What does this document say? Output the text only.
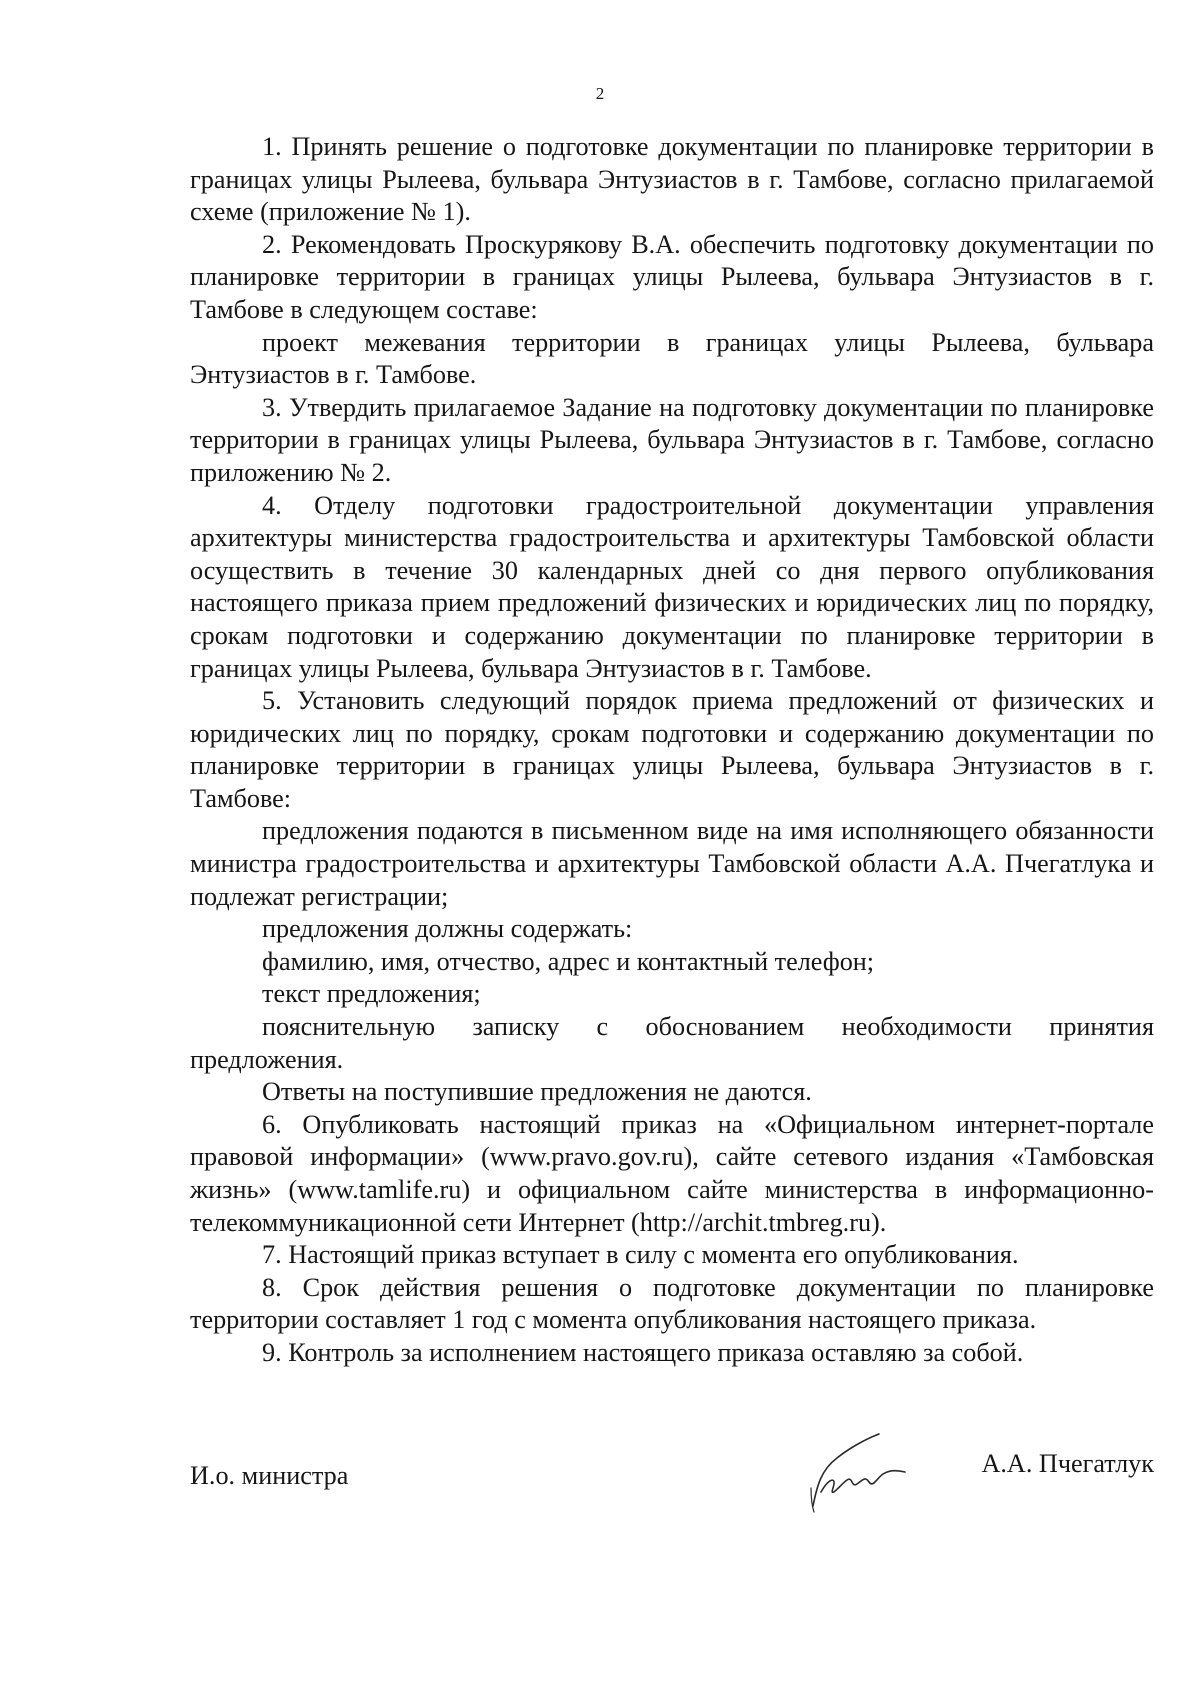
2

1. Принять решение о подготовке документации по планировке территории в границах улицы Рылеева, бульвара Энтузиастов в г. Тамбове, согласно прилагаемой схеме (приложение № 1).

2. Рекомендовать Проскурякову В.А. обеспечить подготовку документации по планировке территории в границах улицы Рылеева, бульвара Энтузиастов в г. Тамбове в следующем составе:

проект межевания территории в границах улицы Рылеева, бульвара Энтузиастов в г. Тамбове.

3. Утвердить прилагаемое Задание на подготовку документации по планировке территории в границах улицы Рылеева, бульвара Энтузиастов в г. Тамбове, согласно приложению № 2.

4. Отделу подготовки градостроительной документации управления архитектуры министерства градостроительства и архитектуры Тамбовской области осуществить в течение 30 календарных дней со дня первого опубликования настоящего приказа прием предложений физических и юридических лиц по порядку, срокам подготовки и содержанию документации по планировке территории в границах улицы Рылеева, бульвара Энтузиастов в г. Тамбове.

5. Установить следующий порядок приема предложений от физических и юридических лиц по порядку, срокам подготовки и содержанию документации по планировке территории в границах улицы Рылеева, бульвара Энтузиастов в г. Тамбове:

предложения подаются в письменном виде на имя исполняющего обязанности министра градостроительства и архитектуры Тамбовской области А.А. Пчегатлука и подлежат регистрации;

предложения должны содержать:

фамилию, имя, отчество, адрес и контактный телефон;

текст предложения;

пояснительную записку с обоснованием необходимости принятия предложения.

Ответы на поступившие предложения не даются.

6. Опубликовать настоящий приказ на «Официальном интернет-портале правовой информации» (www.pravo.gov.ru), сайте сетевого издания «Тамбовская жизнь» (www.tamlife.ru) и официальном сайте министерства в информационно-телекоммуникационной сети Интернет (http://archit.tmbreg.ru).

7. Настоящий приказ вступает в силу с момента его опубликования.

8. Срок действия решения о подготовке документации по планировке территории составляет 1 год с момента опубликования настоящего приказа.

9. Контроль за исполнением настоящего приказа оставляю за собой.

И.о. министра	А.А. Пчегатлук
